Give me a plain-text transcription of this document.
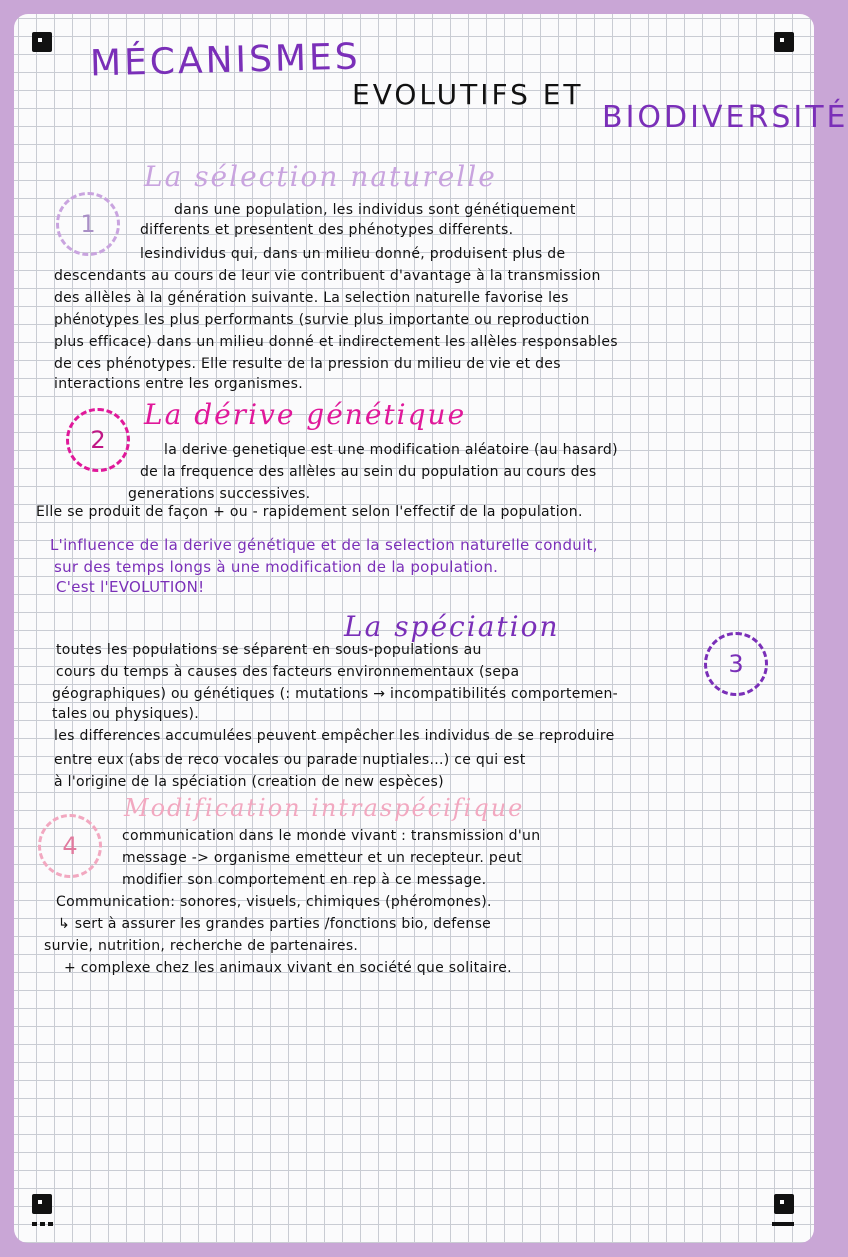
MÉCANISMES
EVOLUTIFS ET
BIODIVERSITÉ
1
La sélection naturelle
dans une population, les individus sont génétiquement
differents et presentent des phénotypes differents.
lesindividus qui, dans un milieu donné, produisent plus de
descendants au cours de leur vie contribuent d'avantage à la transmission
des allèles à la génération suivante. La selection naturelle favorise les
phénotypes les plus performants (survie plus importante ou reproduction
plus efficace) dans un milieu donné et indirectement les allèles responsables
de ces phénotypes. Elle resulte de la pression du milieu de vie et des
interactions entre les organismes.
2
La dérive génétique
la derive genetique est une modification aléatoire (au hasard)
de la frequence des allèles au sein du population au cours des
generations successives.
Elle se produit de façon + ou - rapidement selon l'effectif de la population.
L'influence de la derive génétique et de la selection naturelle conduit,
sur des temps longs à une modification de la population.
C'est l'EVOLUTION!
La spéciation
3
toutes les populations se séparent en sous-populations au
cours du temps à causes des facteurs environnementaux (sepa
géographiques) ou génétiques (: mutations → incompatibilités comportemen-
tales ou physiques).
les differences accumulées peuvent empêcher les individus de se reproduire
entre eux (abs de reco vocales ou parade nuptiales...) ce qui est
à l'origine de la spéciation (creation de new espèces)
4
Modification intraspécifique
communication dans le monde vivant : transmission d'un
message -> organisme emetteur et un recepteur. peut
modifier son comportement en rep à ce message.
Communication: sonores, visuels, chimiques (phéromones).
↳ sert à assurer les grandes parties /fonctions bio, defense
survie, nutrition, recherche de partenaires.
+ complexe chez les animaux vivant en société que solitaire.
